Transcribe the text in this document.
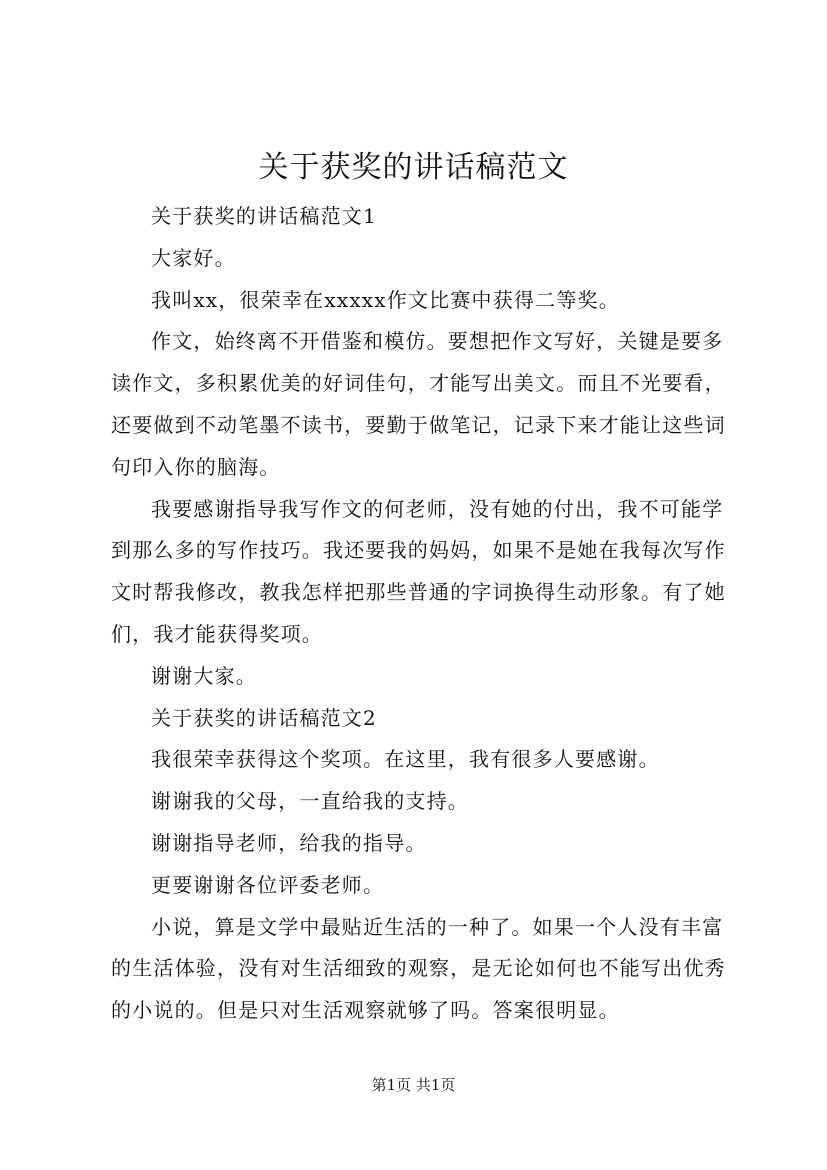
关于获奖的讲话稿范文

关于获奖的讲话稿范文1

大家好。

我叫xx，很荣幸在xxxxx作文比赛中获得二等奖。

作文，始终离不开借鉴和模仿。要想把作文写好，关键是要多读作文，多积累优美的好词佳句，才能写出美文。而且不光要看，还要做到不动笔墨不读书，要勤于做笔记，记录下来才能让这些词句印入你的脑海。

我要感谢指导我写作文的何老师，没有她的付出，我不可能学到那么多的写作技巧。我还要我的妈妈，如果不是她在我每次写作文时帮我修改，教我怎样把那些普通的字词换得生动形象。有了她们，我才能获得奖项。

谢谢大家。

关于获奖的讲话稿范文2

我很荣幸获得这个奖项。在这里，我有很多人要感谢。

谢谢我的父母，一直给我的支持。

谢谢指导老师，给我的指导。

更要谢谢各位评委老师。

小说，算是文学中最贴近生活的一种了。如果一个人没有丰富的生活体验，没有对生活细致的观察，是无论如何也不能写出优秀的小说的。但是只对生活观察就够了吗。答案很明显。

第1页 共1页
